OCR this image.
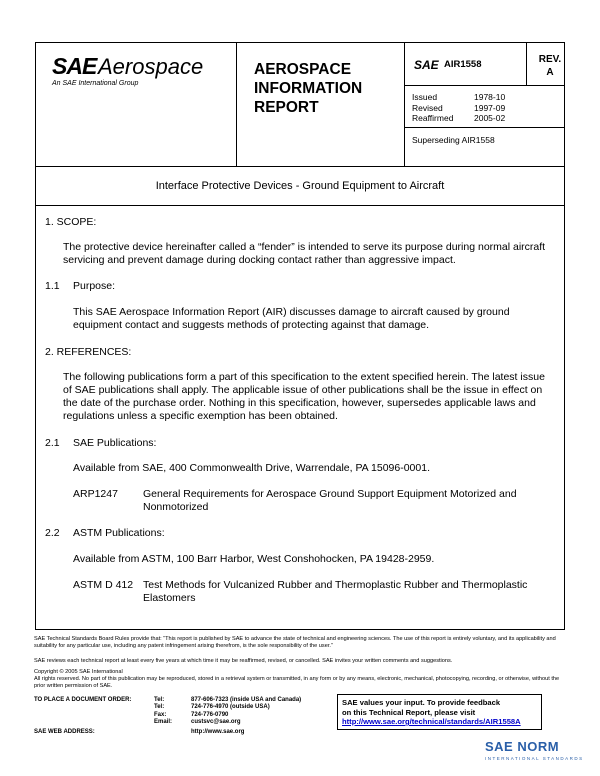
SAE Aerospace
An SAE International Group
AEROSPACE
INFORMATION
REPORT
SAE AIR1558	REV.
A
Issued	1978-10
Revised	1997-09
Reaffirmed	2005-02
Superseding AIR1558
Interface Protective Devices - Ground Equipment to Aircraft
1. SCOPE:
The protective device hereinafter called a “fender” is intended to serve its purpose during normal aircraft servicing and prevent damage during docking contact rather than aggressive impact.
1.1 Purpose:
This SAE Aerospace Information Report (AIR) discusses damage to aircraft caused by ground equipment contact and suggests methods of protecting against that damage.
2. REFERENCES:
The following publications form a part of this specification to the extent specified herein. The latest issue of SAE publications shall apply. The applicable issue of other publications shall be the issue in effect on the date of the purchase order. Nothing in this specification, however, supersedes applicable laws and regulations unless a specific exemption has been obtained.
2.1 SAE Publications:
Available from SAE, 400 Commonwealth Drive, Warrendale, PA 15096-0001.
ARP1247 General Requirements for Aerospace Ground Support Equipment Motorized and Nonmotorized
2.2 ASTM Publications:
Available from ASTM, 100 Barr Harbor, West Conshohocken, PA 19428-2959.
ASTM D 412 Test Methods for Vulcanized Rubber and Thermoplastic Rubber and Thermoplastic Elastomers
SAE Technical Standards Board Rules provide that: “This report is published by SAE to advance the state of technical and engineering sciences. The use of this report is entirely voluntary, and its applicability and suitability for any particular use, including any patent infringement arising therefrom, is the sole responsibility of the user.”
SAE reviews each technical report at least every five years at which time it may be reaffirmed, revised, or cancelled. SAE invites your written comments and suggestions.
Copyright © 2005 SAE International
All rights reserved. No part of this publication may be reproduced, stored in a retrieval system or transmitted, in any form or by any means, electronic, mechanical, photocopying, recording, or otherwise, without the prior written permission of SAE.
TO PLACE A DOCUMENT ORDER:	Tel:	877-606-7323 (inside USA and Canada)
Tel:	724-776-4970 (outside USA)
Fax:	724-776-0790
Email:	custsvc@sae.org
SAE WEB ADDRESS:	http://www.sae.org
SAE values your input. To provide feedback
on this Technical Report, please visit
http://www.sae.org/technical/standards/AIR1558A
SAE NORM
INTERNATIONAL STANDARDS
